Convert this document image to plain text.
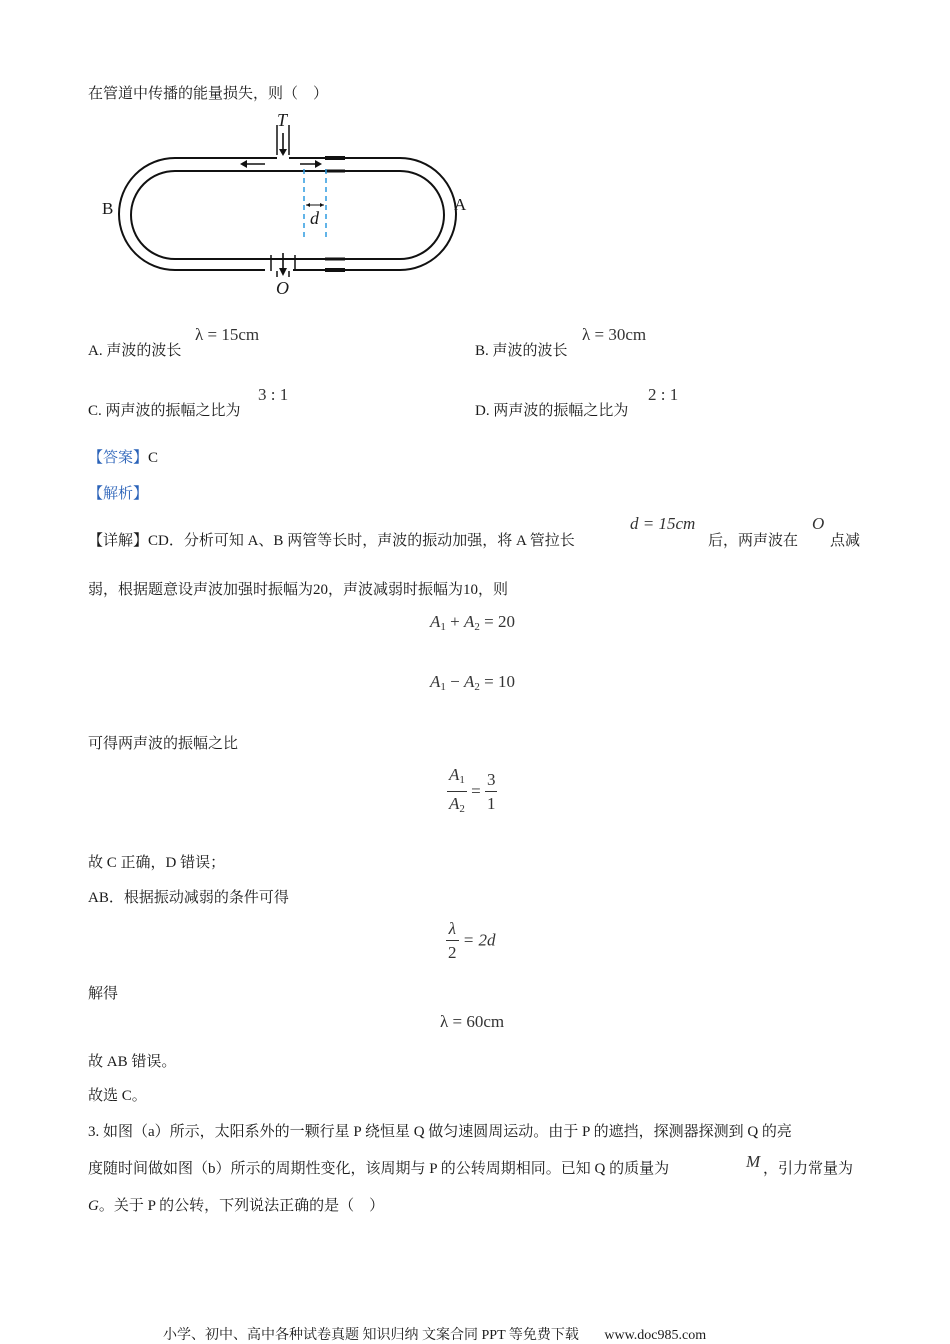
在管道中传播的能量损失，则（　）
T
O
A
B	d
A. 声波的波长
λ = 15cm
B. 声波的波长
λ = 30cm
C. 两声波的振幅之比为
3 : 1
D. 两声波的振幅之比为
2 : 1
【答案】C
【解析】
【详解】CD．分析可知 A、B 两管等长时，声波的振动加强，将 A 管拉长
d = 15cm
后，两声波在
O
点减
弱，根据题意设声波加强时振幅为20，声波减弱时振幅为10，则
$A_1 + A_2 = 20$
$A_1 - A_2 = 10$
可得两声波的振幅之比
$\frac{A_1}{A_2} = \frac{3}{1}$
故 C 正确，D 错误；
AB．根据振动减弱的条件可得
$\frac{\lambda}{2} = 2d$
解得
λ = 60cm
故 AB 错误。
故选 C。
3. 如图（a）所示，太阳系外的一颗行星 P 绕恒星 Q 做匀速圆周运动。由于 P 的遮挡，探测器探测到 Q 的亮
度随时间做如图（b）所示的周期性变化，该周期与 P 的公转周期相同。已知 Q 的质量为	M ，引力常量为
G。关于 P 的公转，下列说法正确的是（　）
小学、初中、高中各种试卷真题 知识归纳 文案合同 PPT 等免费下载 www.doc985.com
